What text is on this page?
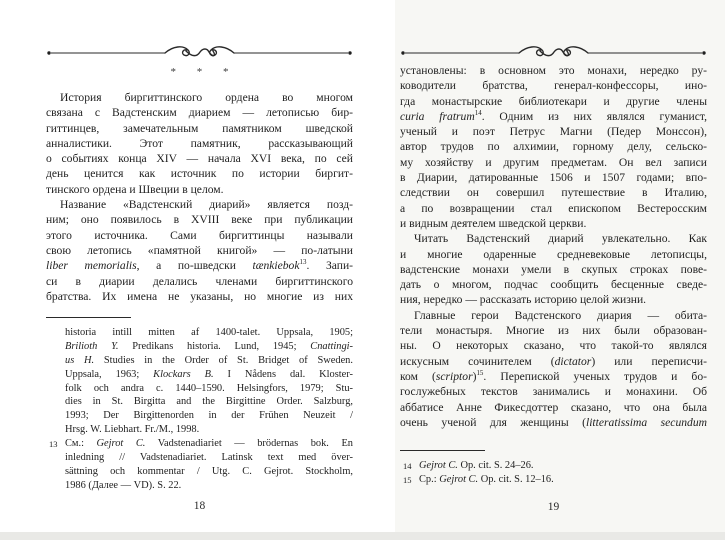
* * *
История биргиттинского ордена во многом
связана с Вадстенским диарием — летописью бир-
гиттинцев, замечательным памятником шведской
анналистики. Этот памятник, рассказывающий
о событиях конца XIV — начала XVI века, по сей
день ценится как источник по истории биргит-
тинского ордена и Швеции в целом.
Название «Вадстенский диарий» является позд-
ним; оно появилось в XVIII веке при публикации
этого источника. Сами биргиттинцы называли
свою летопись «памятной книгой» — по-латыни
liber memorialis, а по-шведски tænkiebok$^{13}$. Запи-
си в диарии делались членами биргиттинского
братства. Их имена не указаны, но многие из них
historia intill mitten af 1400-talet. Uppsala, 1905;
Brilioth Y. Predikans historia. Lund, 1945; Cnattingi-
us H. Studies in the Order of St. Bridget of Sweden.
Uppsala, 1963; Klockars B. I Nådens dal. Kloster-
folk och andra c. 1440–1590. Helsingfors, 1979; Stu-
dies in St. Birgitta and the Birgittine Order. Salzburg,
1993; Der Birgittenorden in der Frühen Neuzeit /
Hrsg. W. Liebhart. Fr./M., 1998.
13 См.: Gejrot C. Vadstenadiariet — brödernas bok. En
inledning // Vadstenadiariet. Latinsk text med över-
sättning och kommentar / Utg. C. Gejrot. Stockholm,
1986 (Далее — VD). S. 22.
18
установлены: в основном это монахи, нередко ру-
ководители братства, генерал-конфессоры, ино-
гда монастырские библиотекари и другие члены
curia fratrum$^{14}$. Одним из них являлся гуманист,
ученый и поэт Петрус Магни (Педер Монссон),
автор трудов по алхимии, горному делу, сельско-
му хозяйству и другим предметам. Он вел записи
в Диарии, датированные 1506 и 1507 годами; впо-
следствии он совершил путешествие в Италию,
а по возвращении стал епископом Вестеросским
и видным деятелем шведской церкви.
Читать Вадстенский диарий увлекательно. Как
и многие одаренные средневековые летописцы,
вадстенские монахи умели в скупых строках пове-
дать о многом, подчас сообщить бесценные сведе-
ния, нередко — рассказать историю целой жизни.
Главные герои Вадстенского диария — обита-
тели монастыря. Многие из них были образован-
ны. О некоторых сказано, что такой-то являлся
искусным сочинителем (dictator) или переписчи-
ком (scriptor)$^{15}$. Перепиской ученых трудов и бо-
гослужебных текстов занимались и монахини. Об
аббатисе Анне Фикесдоттер сказано, что она была
очень ученой для женщины (litteratissima secundum
14 Gejrot C. Op. cit. S. 24–26.
15 Ср.: Gejrot C. Op. cit. S. 12–16.
19
